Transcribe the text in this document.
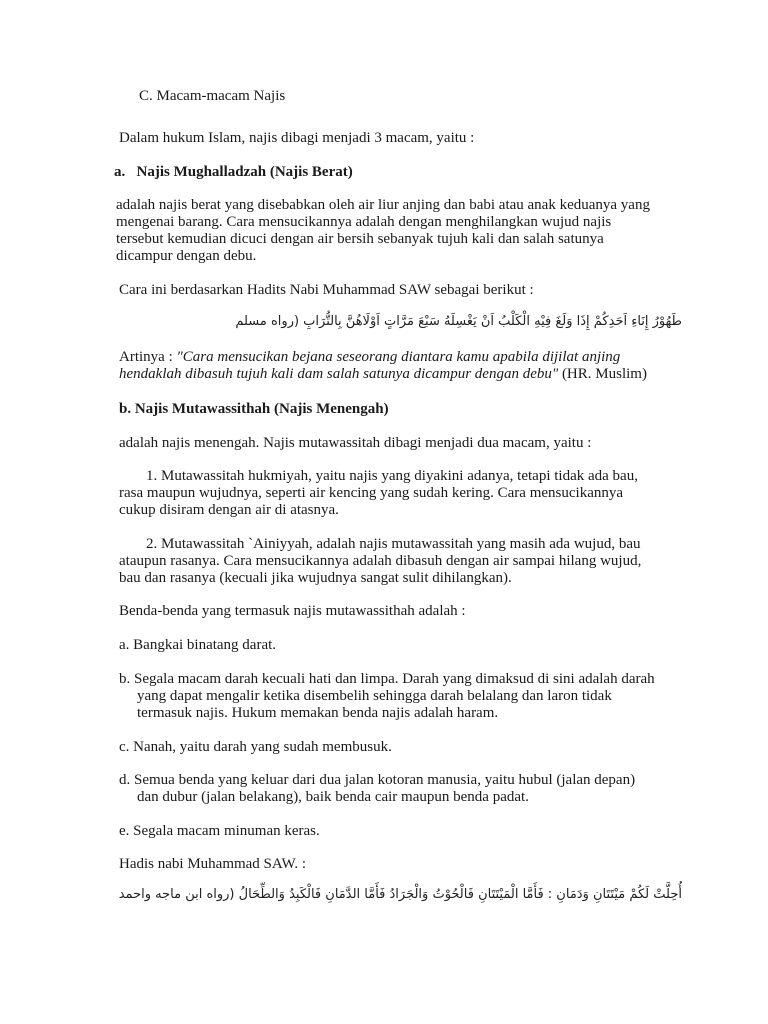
C. Macam-macam Najis
Dalam hukum Islam, najis dibagi menjadi 3 macam, yaitu :
a. Najis Mughalladzah (Najis Berat)
adalah najis berat yang disebabkan oleh air liur anjing dan babi atau anak keduanya yang
mengenai barang. Cara mensucikannya adalah dengan menghilangkan wujud najis
tersebut kemudian dicuci dengan air bersih sebanyak tujuh kali dan salah satunya
dicampur dengan debu.
Cara ini berdasarkan Hadits Nabi Muhammad SAW sebagai berikut :
طَهُوْرُ إِنَاءِ اَحَدِكُمْ إِذَا وَلَغَ فِيْهِ الْكَلْبُ اَنْ يَغْسِلَهُ سَبْعَ مَرَّاتٍ اَوْلَاهُنَّ بِالتُّرَابِ (رواه مسلم
Artinya : "Cara mensucikan bejana seseorang diantara kamu apabila dijilat anjing
hendaklah dibasuh tujuh kali dam salah satunya dicampur dengan debu" (HR. Muslim)
b. Najis Mutawassithah (Najis Menengah)
adalah najis menengah. Najis mutawassitah dibagi menjadi dua macam, yaitu :
1. Mutawassitah hukmiyah, yaitu najis yang diyakini adanya, tetapi tidak ada bau,
rasa maupun wujudnya, seperti air kencing yang sudah kering. Cara mensucikannya
cukup disiram dengan air di atasnya.
2. Mutawassitah `Ainiyyah, adalah najis mutawassitah yang masih ada wujud, bau
ataupun rasanya. Cara mensucikannya adalah dibasuh dengan air sampai hilang wujud,
bau dan rasanya (kecuali jika wujudnya sangat sulit dihilangkan).
Benda-benda yang termasuk najis mutawassithah adalah :
a. Bangkai binatang darat.
b. Segala macam darah kecuali hati dan limpa. Darah yang dimaksud di sini adalah darah
yang dapat mengalir ketika disembelih sehingga darah belalang dan laron tidak
termasuk najis. Hukum memakan benda najis adalah haram.
c. Nanah, yaitu darah yang sudah membusuk.
d. Semua benda yang keluar dari dua jalan kotoran manusia, yaitu hubul (jalan depan)
dan dubur (jalan belakang), baik benda cair maupun benda padat.
e. Segala macam minuman keras.
Hadis nabi Muhammad SAW. :
أُحِلَّتْ لَكُمْ مَيْتَتَانِ وَدَمَانِ : فَأَمَّا الْمَيْتَتَانِ فَالْحُوْتُ وَالْجَرَادُ فَأَمَّا الدَّمَانِ فَالْكَبِدُ وَالطِّحَالُ (رواه ابن ماجه واحمد
